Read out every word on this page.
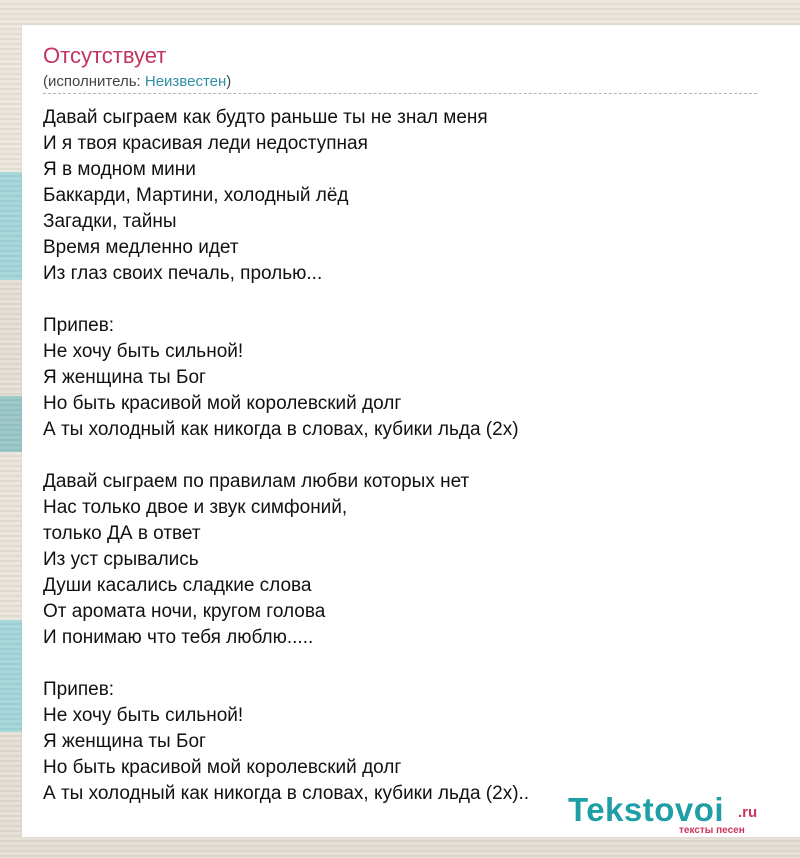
Отсутствует
(исполнитель: Неизвестен)
Давай сыграем как будто раньше ты не знал меня
И я твоя красивая леди недоступная
Я в модном мини
Баккарди, Мартини, холодный лёд
Загадки, тайны
Время медленно идет
Из глаз своих печаль, пролью...
Припев:
Не хочу быть сильной!
Я женщина ты Бог
Но быть красивой мой королевский долг
А ты холодный как никогда в словах, кубики льда (2х)
Давай сыграем по правилам любви которых нет
Нас только двое и звук симфоний,
только ДА в ответ
Из уст срывались
Души касались сладкие слова
От аромата ночи, кругом голова
И понимаю что тебя люблю.....
Припев:
Не хочу быть сильной!
Я женщина ты Бог
Но быть красивой мой королевский долг
А ты холодный как никогда в словах, кубики льда (2х)..	Tekstovoi .ru
тексты песен
